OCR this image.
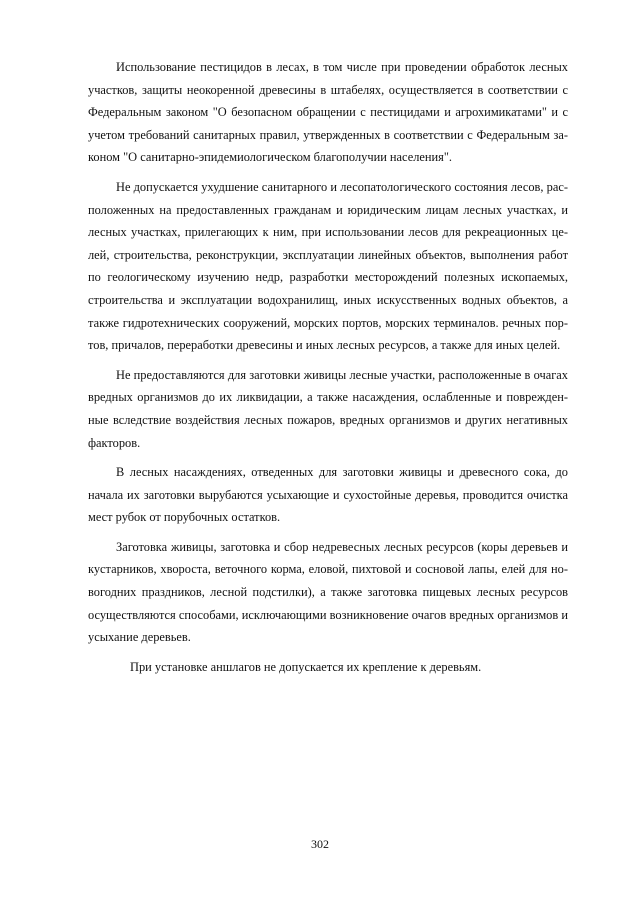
Использование пестицидов в лесах, в том числе при проведении обработок лесных участков, защиты неокоренной древесины в штабелях, осуществляется в соответствии с Федеральным законом "О безопасном обращении с пестицидами и агрохимикатами" и с учетом требований санитарных правил, утвержденных в соответствии с Федеральным законом "О санитарно-эпидемиологическом благополучии населения".

Не допускается ухудшение санитарного и лесопатологического состояния лесов, расположенных на предоставленных гражданам и юридическим лицам лесных участках, и лесных участках, прилегающих к ним, при использовании лесов для рекреационных целей, строительства, реконструкции, эксплуатации линейных объектов, выполнения работ по геологическому изучению недр, разработки месторождений полезных ископаемых, строительства и эксплуатации водохранилищ, иных искусственных водных объектов, а также гидротехнических сооружений, морских портов, морских терминалов. речных портов, причалов, переработки древесины и иных лесных ресурсов, а также для иных целей.

Не предоставляются для заготовки живицы лесные участки, расположенные в очагах вредных организмов до их ликвидации, а также насаждения, ослабленные и поврежденные вследствие воздействия лесных пожаров, вредных организмов и других негативных факторов.

В лесных насаждениях, отведенных для заготовки живицы и древесного сока, до начала их заготовки вырубаются усыхающие и сухостойные деревья, проводится очистка мест рубок от порубочных остатков.

Заготовка живицы, заготовка и сбор недревесных лесных ресурсов (коры деревьев и кустарников, хвороста, веточного корма, еловой, пихтовой и сосновой лапы, елей для новогодних праздников, лесной подстилки), а также заготовка пищевых лесных ресурсов осуществляются способами, исключающими возникновение очагов вредных организмов и усыхание деревьев.

При установке аншлагов не допускается их крепление к деревьям.

302
